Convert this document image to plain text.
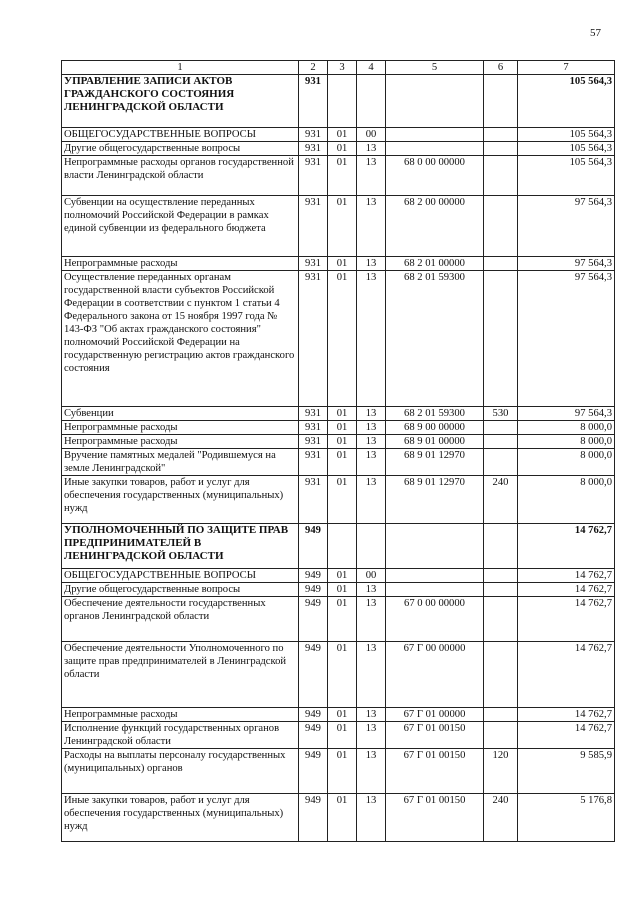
57
1	2	3	4	5	6	7
УПРАВЛЕНИЕ ЗАПИСИ АКТОВ ГРАЖДАНСКОГО СОСТОЯНИЯ ЛЕНИНГРАДСКОЙ ОБЛАСТИ	931					105 564,3
ОБЩЕГОСУДАРСТВЕННЫЕ ВОПРОСЫ	931	01	00			105 564,3
Другие общегосударственные вопросы	931	01	13			105 564,3
Непрограммные расходы органов государственной власти Ленинградской области	931	01	13	68 0 00 00000		105 564,3
Субвенции на осуществление переданных полномочий Российской Федерации в рамках единой субвенции из федерального бюджета	931	01	13	68 2 00 00000		97 564,3
Непрограммные расходы	931	01	13	68 2 01 00000		97 564,3
Осуществление переданных органам государственной власти субъектов Российской Федерации в соответствии с пунктом 1 статьи 4 Федерального закона от 15 ноября 1997 года № 143-ФЗ "Об актах гражданского состояния" полномочий Российской Федерации на государственную регистрацию актов гражданского состояния	931	01	13	68 2 01 59300		97 564,3
Субвенции	931	01	13	68 2 01 59300	530	97 564,3
Непрограммные расходы	931	01	13	68 9 00 00000		8 000,0
Непрограммные расходы	931	01	13	68 9 01 00000		8 000,0
Вручение памятных медалей "Родившемуся на земле Ленинградской"	931	01	13	68 9 01 12970		8 000,0
Иные закупки товаров, работ и услуг для обеспечения государственных (муниципальных) нужд	931	01	13	68 9 01 12970	240	8 000,0
УПОЛНОМОЧЕННЫЙ ПО ЗАЩИТЕ ПРАВ ПРЕДПРИНИМАТЕЛЕЙ В ЛЕНИНГРАДСКОЙ ОБЛАСТИ	949					14 762,7
ОБЩЕГОСУДАРСТВЕННЫЕ ВОПРОСЫ	949	01	00			14 762,7
Другие общегосударственные вопросы	949	01	13			14 762,7
Обеспечение деятельности государственных органов Ленинградской области	949	01	13	67 0 00 00000		14 762,7
Обеспечение деятельности Уполномоченного по защите прав предпринимателей в Ленинградской области	949	01	13	67 Г 00 00000		14 762,7
Непрограммные расходы	949	01	13	67 Г 01 00000		14 762,7
Исполнение функций государственных органов Ленинградской области	949	01	13	67 Г 01 00150		14 762,7
Расходы на выплаты персоналу государственных (муниципальных) органов	949	01	13	67 Г 01 00150	120	9 585,9
Иные закупки товаров, работ и услуг для обеспечения государственных (муниципальных) нужд	949	01	13	67 Г 01 00150	240	5 176,8
